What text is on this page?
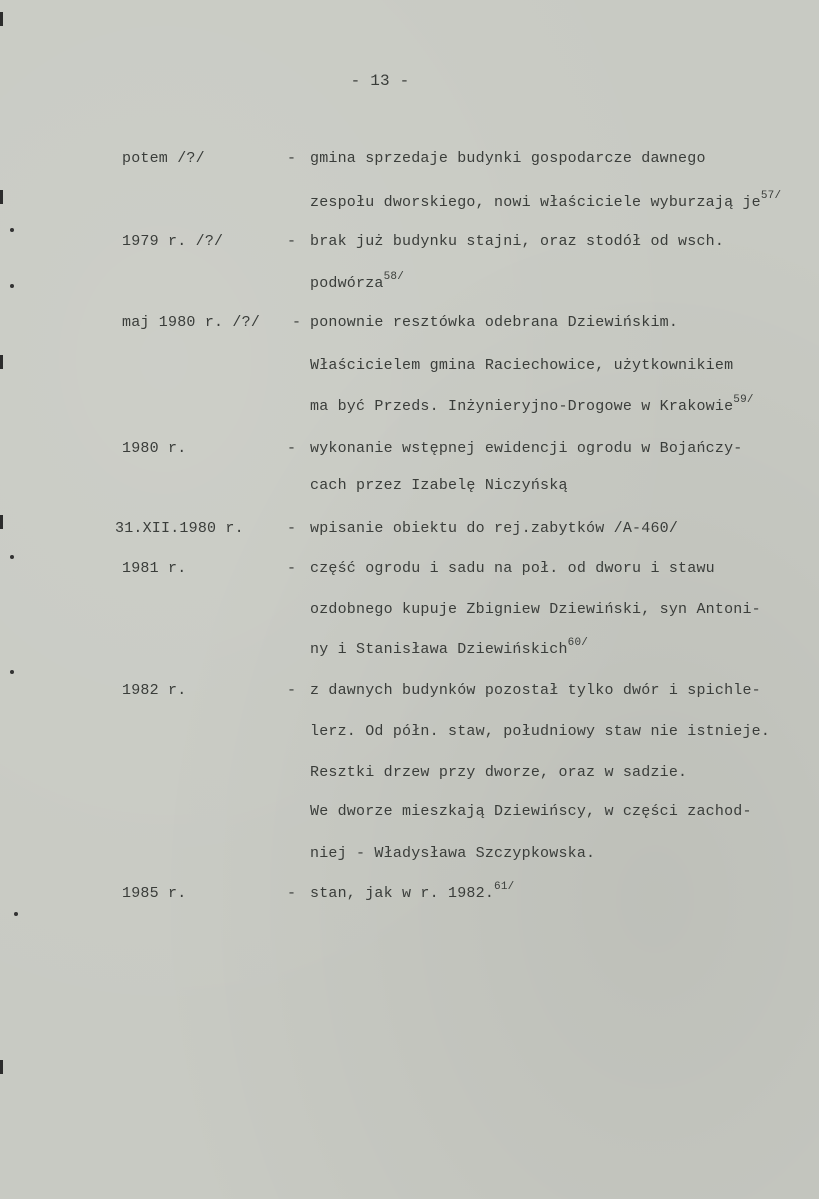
- 13 -
potem /?/	- gmina sprzedaje budynki gospodarcze dawnego
zespołu dworskiego, nowi właściciele wyburzają $je^{57/}$
1979 r. /?/	- brak już budynku stajni, oraz stodół od wsch.
podwórza$^{58/}$
maj 1980 r. /?/ - ponownie resztówka odebrana Dziewińskim.
Właścicielem gmina Raciechowice, użytkownikiem
ma być Przeds. Inżynieryjno-Drogowe w Krakowie$^{59/}$
1980 r.	- wykonanie wstępnej ewidencji ogrodu w Bojańczy-
cach przez Izabelę Niczyńską
31.XII.1980 r.	- wpisanie obiektu do rej.zabytków /A-460/
1981 r.	- część ogrodu i sadu na poł. od dworu i stawu
ozdobnego kupuje Zbigniew Dziewiński, syn Antoni-
ny i Stanisława Dziewińskich$^{60/}$
1982 r.	- z dawnych budynków pozostał tylko dwór i spichle-
lerz. Od półn. staw, południowy staw nie istnieje.
Resztki drzew przy dworze, oraz w sadzie.
We dworze mieszkają Dziewińscy, w części zachod-
niej - Władysława Szczypkowska.
1985 r.	- stan, jak w r. 1982.$^{61/}$
